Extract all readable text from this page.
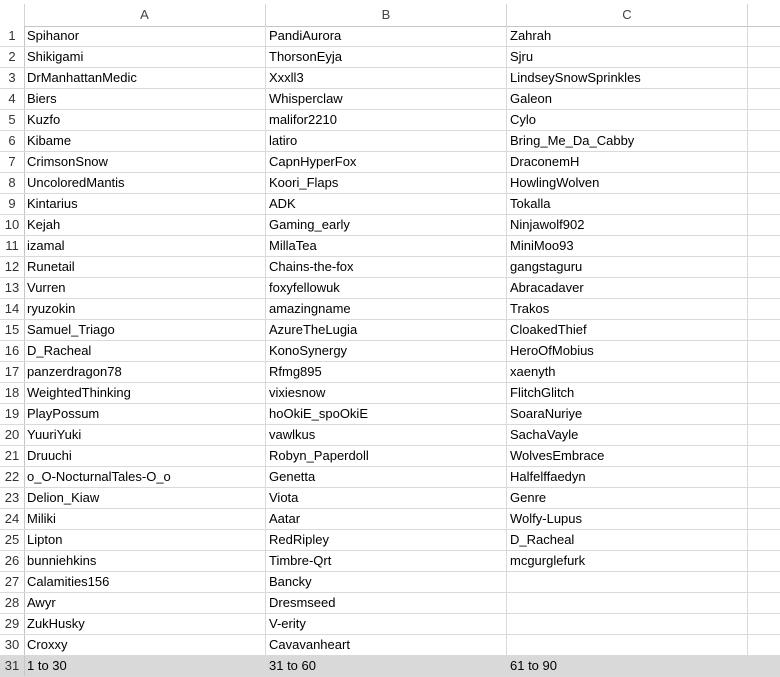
A	B	C
1 Spihanor	PandiAurora	Zahrah
2 Shikigami	ThorsonEyja	Sjru
3 DrManhattanMedic	Xxxll3	LindseySnowSprinkles
4 Biers	Whisperclaw	Galeon
5 Kuzfo	malifor2210	Cylo
6 Kibame	latiro	Bring_Me_Da_Cabby
7 CrimsonSnow	CapnHyperFox	DraconemH
8 UncoloredMantis	Koori_Flaps	HowlingWolven
9 Kintarius	ADK	Tokalla
10 Kejah	Gaming_early	Ninjawolf902
11 izamal	MillaTea	MiniMoo93
12 Runetail	Chains-the-fox	gangstaguru
13 Vurren	foxyfellowuk	Abracadaver
14 ryuzokin	amazingname	Trakos
15 Samuel_Triago	AzureTheLugia	CloakedThief
16 D_Racheal	KonoSynergy	HeroOfMobius
17 panzerdragon78	Rfmg895	xaenyth
18 WeightedThinking	vixiesnow	FlitchGlitch
19 PlayPossum	hoOkiE_spoOkiE	SoaraNuriye
20 YuuriYuki	vawlkus	SachaVayle
21 Druuchi	Robyn_Paperdoll	WolvesEmbrace
22 o_O-NocturnalTales-O_o	Genetta	Halfelffaedyn
23 Delion_Kiaw	Viota	Genre
24 Miliki	Aatar	Wolfy-Lupus
25 Lipton	RedRipley	D_Racheal
26 bunniehkins	Timbre-Qrt	mcgurglefurk
27 Calamities156	Bancky
28 Awyr	Dresmseed
29 ZukHusky	V-erity
30 Croxxy	Cavavanheart
31 1 to 30	31 to 60	61 to 90
